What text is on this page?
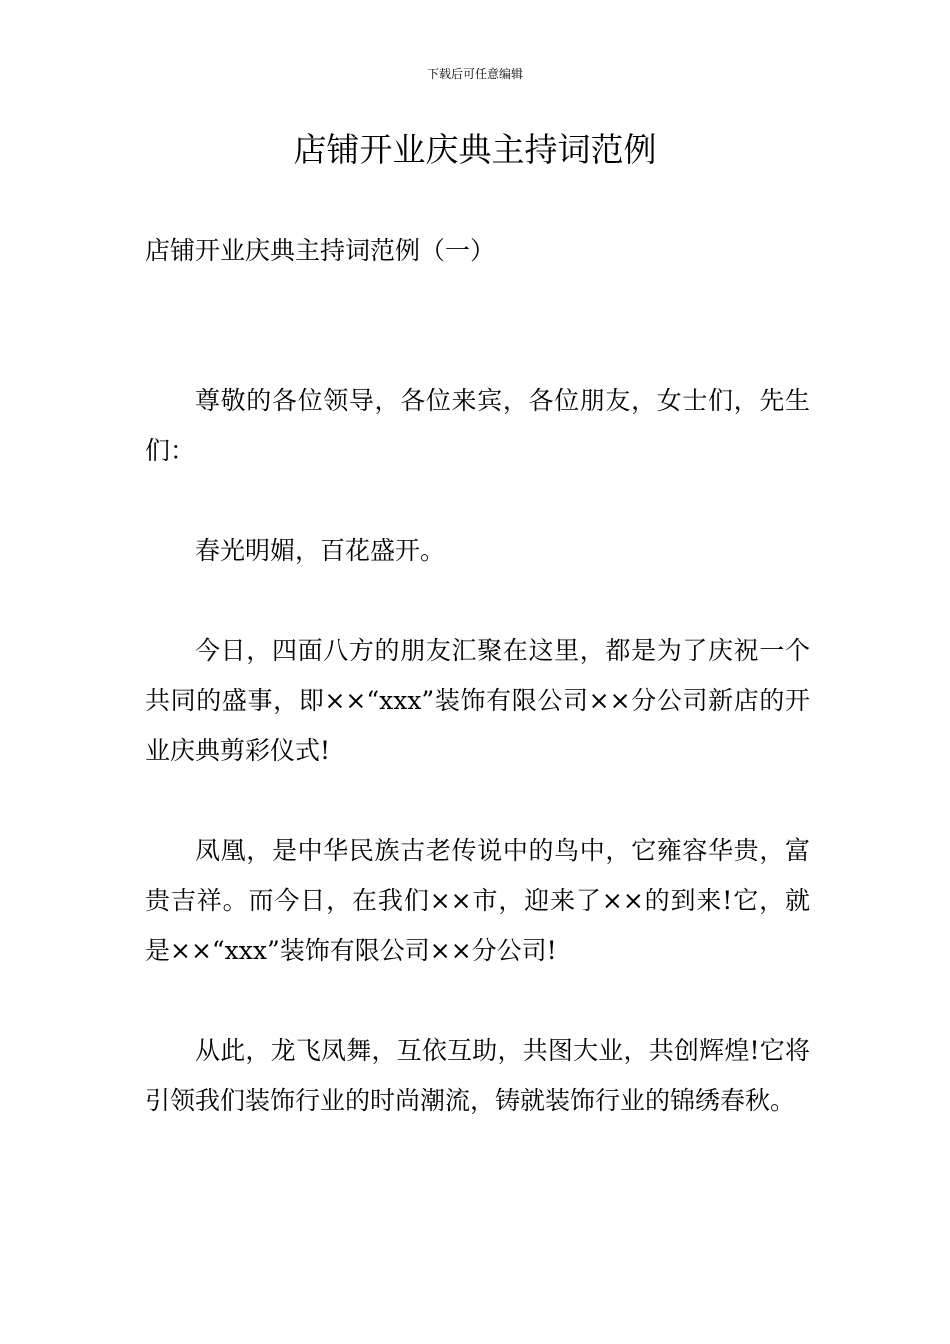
下载后可任意编辑
店铺开业庆典主持词范例

店铺开业庆典主持词范例（一）

尊敬的各位领导，各位来宾，各位朋友，女士们，先生们：

春光明媚，百花盛开。

今日，四面八方的朋友汇聚在这里，都是为了庆祝一个共同的盛事，即××“xxx”装饰有限公司××分公司新店的开业庆典剪彩仪式!

凤凰，是中华民族古老传说中的鸟中，它雍容华贵，富贵吉祥。而今日，在我们××市，迎来了××的到来!它，就是××“xxx”装饰有限公司××分公司!

从此，龙飞凤舞，互依互助，共图大业，共创辉煌!它将引领我们装饰行业的时尚潮流，铸就装饰行业的锦绣春秋。
